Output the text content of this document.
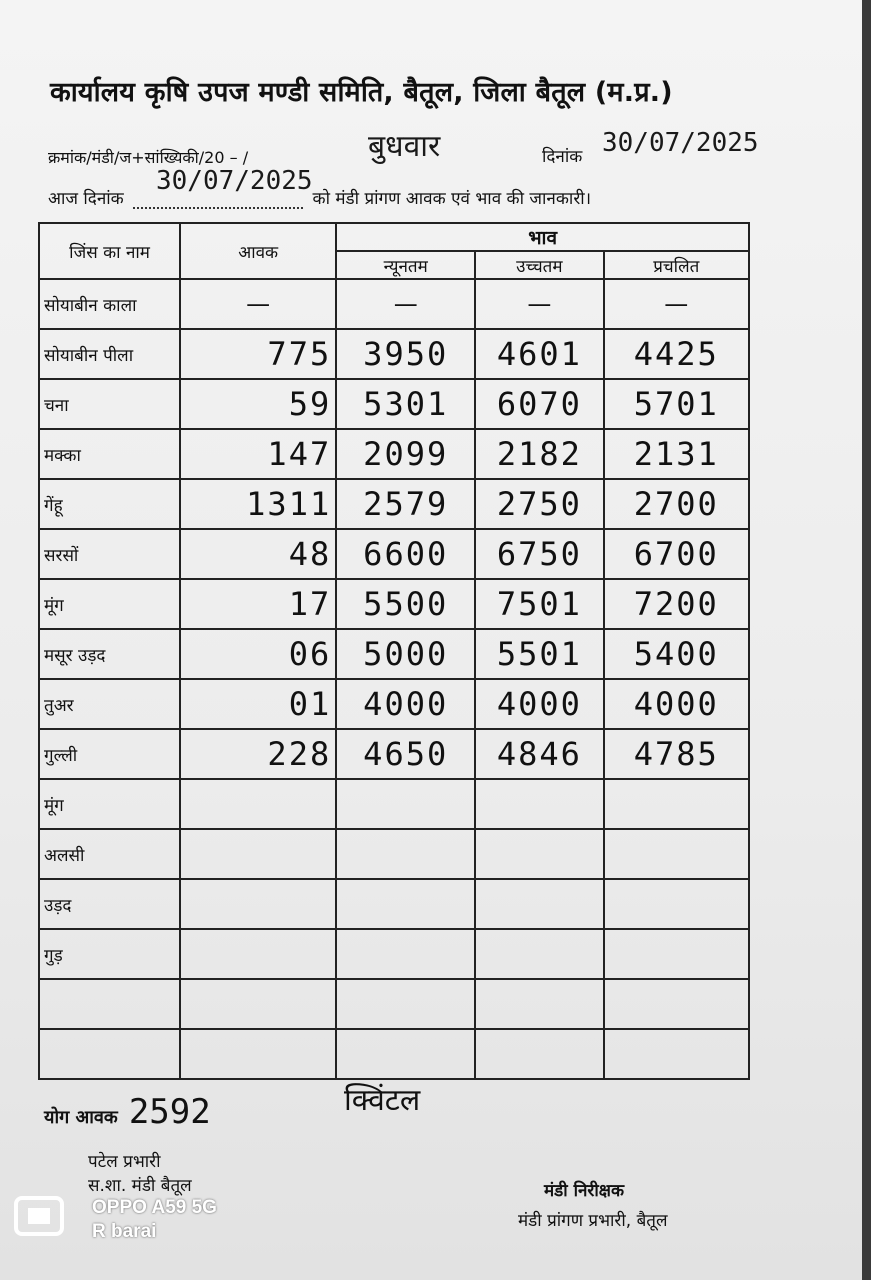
कार्यालय कृषि उपज मण्डी समिति, बैतूल, जिला बैतूल (म.प्र.)
क्रमांक/मंडी/ज+सांख्यिकी/20 – /	बुधवार	दिनांक 30/07/2025
आज दिनांक	को मंडी प्रांगण आवक एवं भाव की जानकारी।
30/07/2025
जिंस का नाम	आवक	भाव		
		न्यूनतम	उच्चतम	प्रचलित
सोयाबीन काला	—	—	—	—
सोयाबीन पीला	775	3950	4601	4425
चना	59	5301	6070	5701
मक्का	147	2099	2182	2131
गेंहू	1311	2579	2750	2700
सरसों	48	6600	6750	6700
मूंग	17	5500	7501	7200
मसूर उड़द	06	5000	5501	5400
तुअर	01	4000	4000	4000
गुल्ली	228	4650	4846	4785
मूंग				
अलसी				
उड़द				
गुड़				

योग आवक 2592	क्विंटल
पटेल प्रभारी
स.शा. मंडी बैतूल	मंडी निरीक्षक
मंडी प्रांगण प्रभारी, बैतूल
OPPO A59 5G
R barai
